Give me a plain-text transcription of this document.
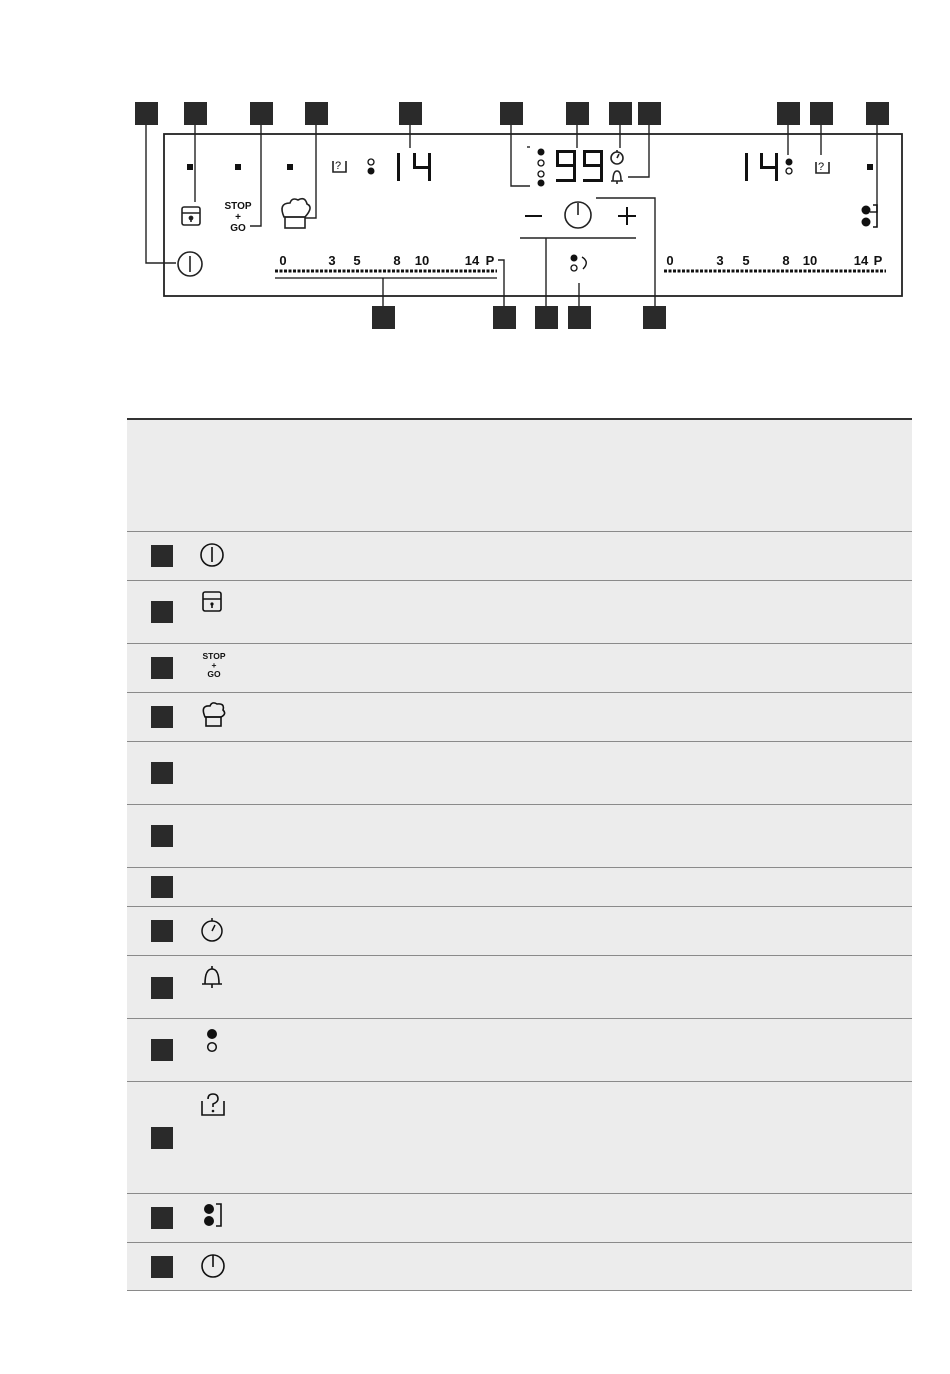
?	?
STOP
+
GO
0	3 5	8 10	14 P	0	3 5	8 10	14 P
STOP
+
GO
